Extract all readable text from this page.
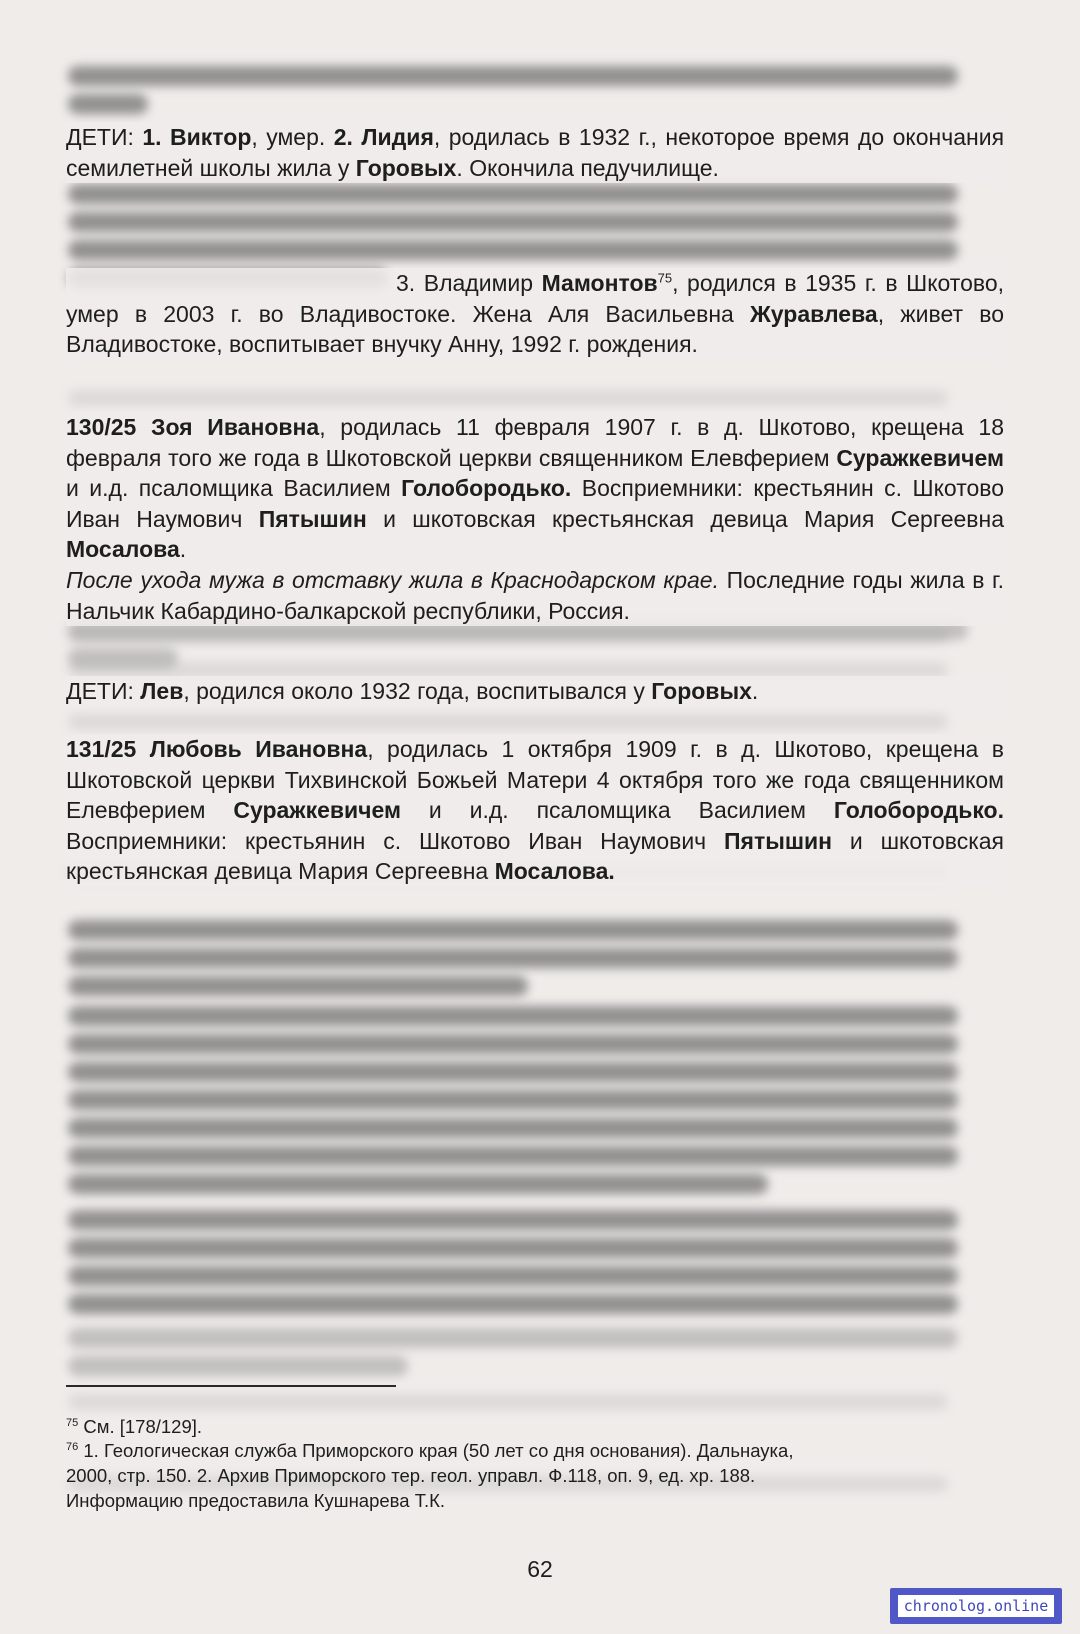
ДЕТИ: 1. Виктор, умер. 2. Лидия, родилась в 1932 г., некоторое время до окончания семилетней школы жила у Горовых. Окончила педучилище.
3. Владимир Мамонтов$^{75}$, родился в 1935 г. в Шкотово, умер в 2003 г. во Владивостоке. Жена Аля Васильевна Журавлева, живет во Владивостоке, воспитывает внучку Анну, 1992 г. рождения.
130/25 Зоя Ивановна, родилась 11 февраля 1907 г. в д. Шкотово, крещена 18 февраля того же года в Шкотовской церкви священником Елевферием Суражкевичем и и.д. псаломщика Василием Голобородько. Восприемники: крестьянин с. Шкотово Иван Наумович Пятышин и шкотовская крестьянская девица Мария Сергеевна Мосалова.
После ухода мужа в отставку жила в Краснодарском крае. Последние годы жила в г. Нальчик Кабардино-балкарской республики, Россия.
ДЕТИ: Лев, родился около 1932 года, воспитывался у Горовых.
131/25 Любовь Ивановна, родилась 1 октября 1909 г. в д. Шкотово, крещена в Шкотовской церкви Тихвинской Божьей Матери 4 октября того же года священником Елевферием Суражкевичем и и.д. псаломщика Василием Голобородько. Восприемники: крестьянин с. Шкотово Иван Наумович Пятышин и шкотовская крестьянская девица Мария Сергеевна Мосалова.
$^{75}$ См. [178/129].
$^{76}$ 1. Геологическая служба Приморского края (50 лет со дня основания). Дальнаука,
2000, стр. 150. 2. Архив Приморского тер. геол. управл. Ф.118, оп. 9, ед. хр. 188.
Информацию предоставила Кушнарева Т.К.
62
chronolog.online
